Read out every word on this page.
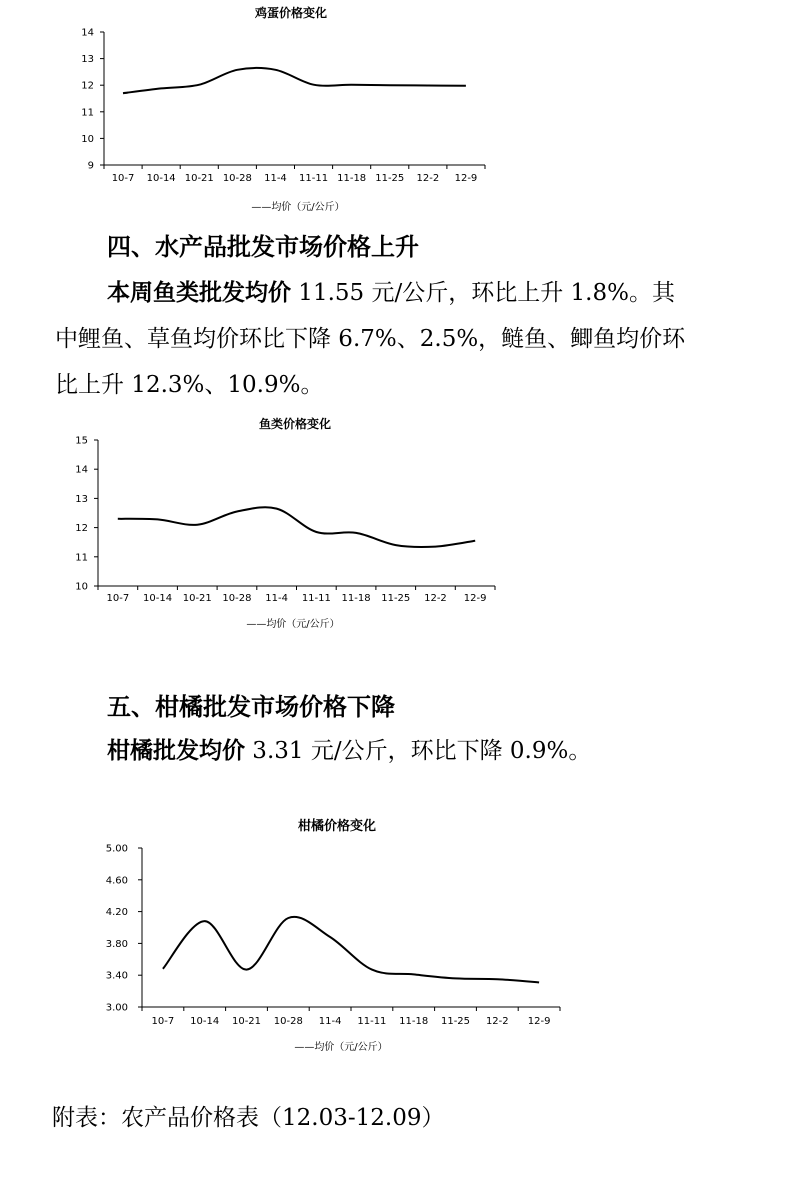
鸡蛋价格变化
9
10
11
12
13
14
10-7 10-14 10-21 10-28 11-4 11-11 11-18 11-25 12-2 12-9
——均价（元/公斤）
四、水产品批发市场价格上升
本周鱼类批发均价 11.55 元/公斤，环比上升 1.8%。其
中鲤鱼、草鱼均价环比下降 6.7%、2.5%，鲢鱼、鲫鱼均价环
比上升 12.3%、10.9%。
鱼类价格变化
10
11
12
13
14
15
10-7 10-14 10-21 10-28 11-4 11-11 11-18 11-25 12-2 12-9
——均价（元/公斤）
五、柑橘批发市场价格下降
柑橘批发均价 3.31 元/公斤，环比下降 0.9%。
柑橘价格变化
3.00
3.40
3.80
4.20
4.60
5.00
10-7 10-14 10-21 10-28 11-4 11-11 11-18 11-25 12-2 12-9
——均价（元/公斤）
附表：农产品价格表（12.03-12.09）
